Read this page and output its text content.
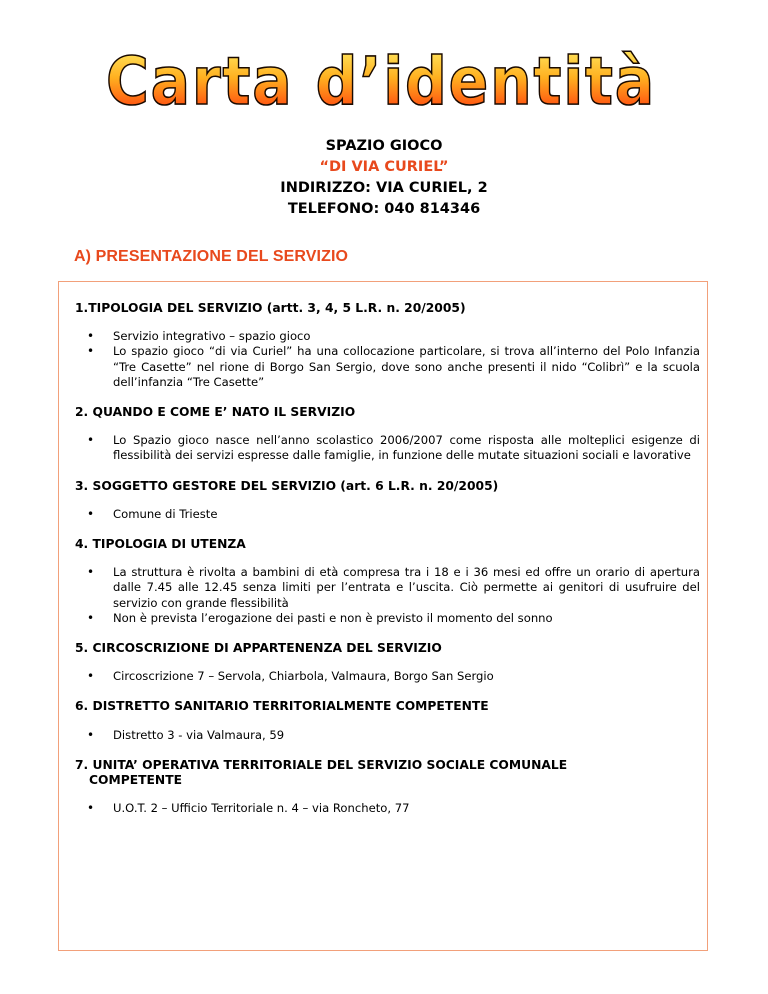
Carta d’identità
SPAZIO GIOCO
“DI VIA CURIEL”
INDIRIZZO: VIA CURIEL, 2
TELEFONO: 040 814346
A) PRESENTAZIONE DEL SERVIZIO
1.TIPOLOGIA DEL SERVIZIO (artt. 3, 4, 5 L.R. n. 20/2005)
• Servizio integrativo – spazio gioco
• Lo spazio gioco “di via Curiel” ha una collocazione particolare, si trova all’interno del Polo Infanzia “Tre Casette” nel rione di Borgo San Sergio, dove sono anche presenti il nido “Colibrì” e la scuola dell’infanzia “Tre Casette”
2. QUANDO E COME E’ NATO IL SERVIZIO
• Lo Spazio gioco nasce nell’anno scolastico 2006/2007 come risposta alle molteplici esigenze di flessibilità dei servizi espresse dalle famiglie, in funzione delle mutate situazioni sociali e lavorative
3. SOGGETTO GESTORE DEL SERVIZIO (art. 6 L.R. n. 20/2005)
• Comune di Trieste
4. TIPOLOGIA DI UTENZA
• La struttura è rivolta a bambini di età compresa tra i 18 e i 36 mesi ed offre un orario di apertura dalle 7.45 alle 12.45 senza limiti per l’entrata e l’uscita. Ciò permette ai genitori di usufruire del servizio con grande flessibilità
• Non è prevista l’erogazione dei pasti e non è previsto il momento del sonno
5. CIRCOSCRIZIONE DI APPARTENENZA DEL SERVIZIO
• Circoscrizione 7 – Servola, Chiarbola, Valmaura, Borgo San Sergio
6. DISTRETTO SANITARIO TERRITORIALMENTE COMPETENTE
• Distretto 3 - via Valmaura, 59
7. UNITA’ OPERATIVA TERRITORIALE DEL SERVIZIO SOCIALE COMUNALE
COMPETENTE
• U.O.T. 2 – Ufficio Territoriale n. 4 – via Roncheto, 77
